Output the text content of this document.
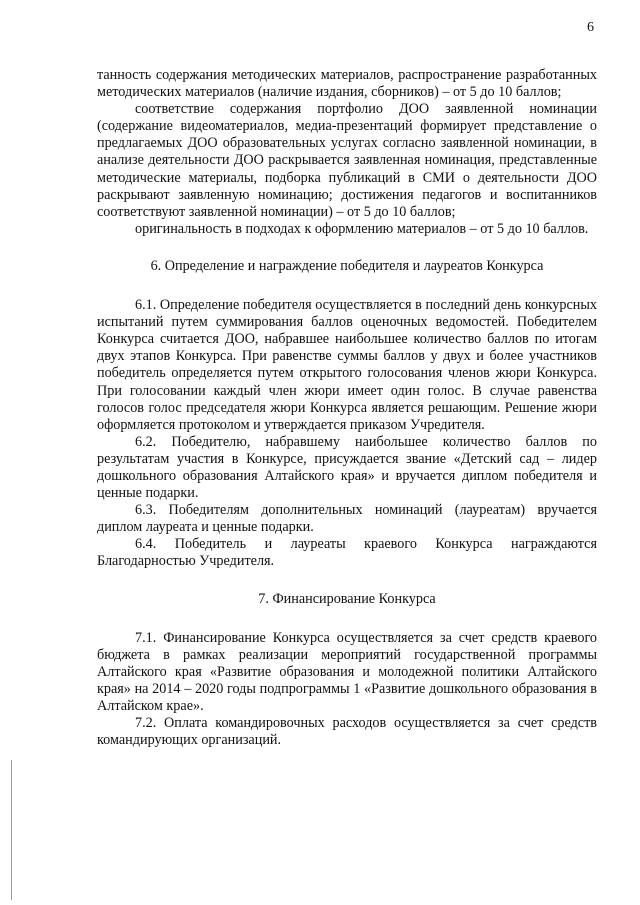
6

танность содержания методических материалов, распространение разработанных методических материалов (наличие издания, сборников) – от 5 до 10 баллов;

соответствие содержания портфолио ДОО заявленной номинации (содержание видеоматериалов, медиа-презентаций формирует представление о предлагаемых ДОО образовательных услугах согласно заявленной номинации, в анализе деятельности ДОО раскрывается заявленная номинация, представленные методические материалы, подборка публикаций в СМИ о деятельности ДОО раскрывают заявленную номинацию; достижения педагогов и воспитанников соответствуют заявленной номинации) – от 5 до 10 баллов;

оригинальность в подходах к оформлению материалов – от 5 до 10 баллов.

6. Определение и награждение победителя и лауреатов Конкурса

6.1. Определение победителя осуществляется в последний день конкурсных испытаний путем суммирования баллов оценочных ведомостей. Победителем Конкурса считается ДОО, набравшее наибольшее количество баллов по итогам двух этапов Конкурса. При равенстве суммы баллов у двух и более участников победитель определяется путем открытого голосования членов жюри Конкурса. При голосовании каждый член жюри имеет один голос. В случае равенства голосов голос председателя жюри Конкурса является решающим. Решение жюри оформляется протоколом и утверждается приказом Учредителя.

6.2. Победителю, набравшему наибольшее количество баллов по результатам участия в Конкурсе, присуждается звание «Детский сад – лидер дошкольного образования Алтайского края» и вручается диплом победителя и ценные подарки.

6.3. Победителям дополнительных номинаций (лауреатам) вручается диплом лауреата и ценные подарки.

6.4. Победитель и лауреаты краевого Конкурса награждаются Благодарностью Учредителя.

7. Финансирование Конкурса

7.1. Финансирование Конкурса осуществляется за счет средств краевого бюджета в рамках реализации мероприятий государственной программы Алтайского края «Развитие образования и молодежной политики Алтайского края» на 2014 – 2020 годы подпрограммы 1 «Развитие дошкольного образования в Алтайском крае».

7.2. Оплата командировочных расходов осуществляется за счет средств командирующих организаций.
